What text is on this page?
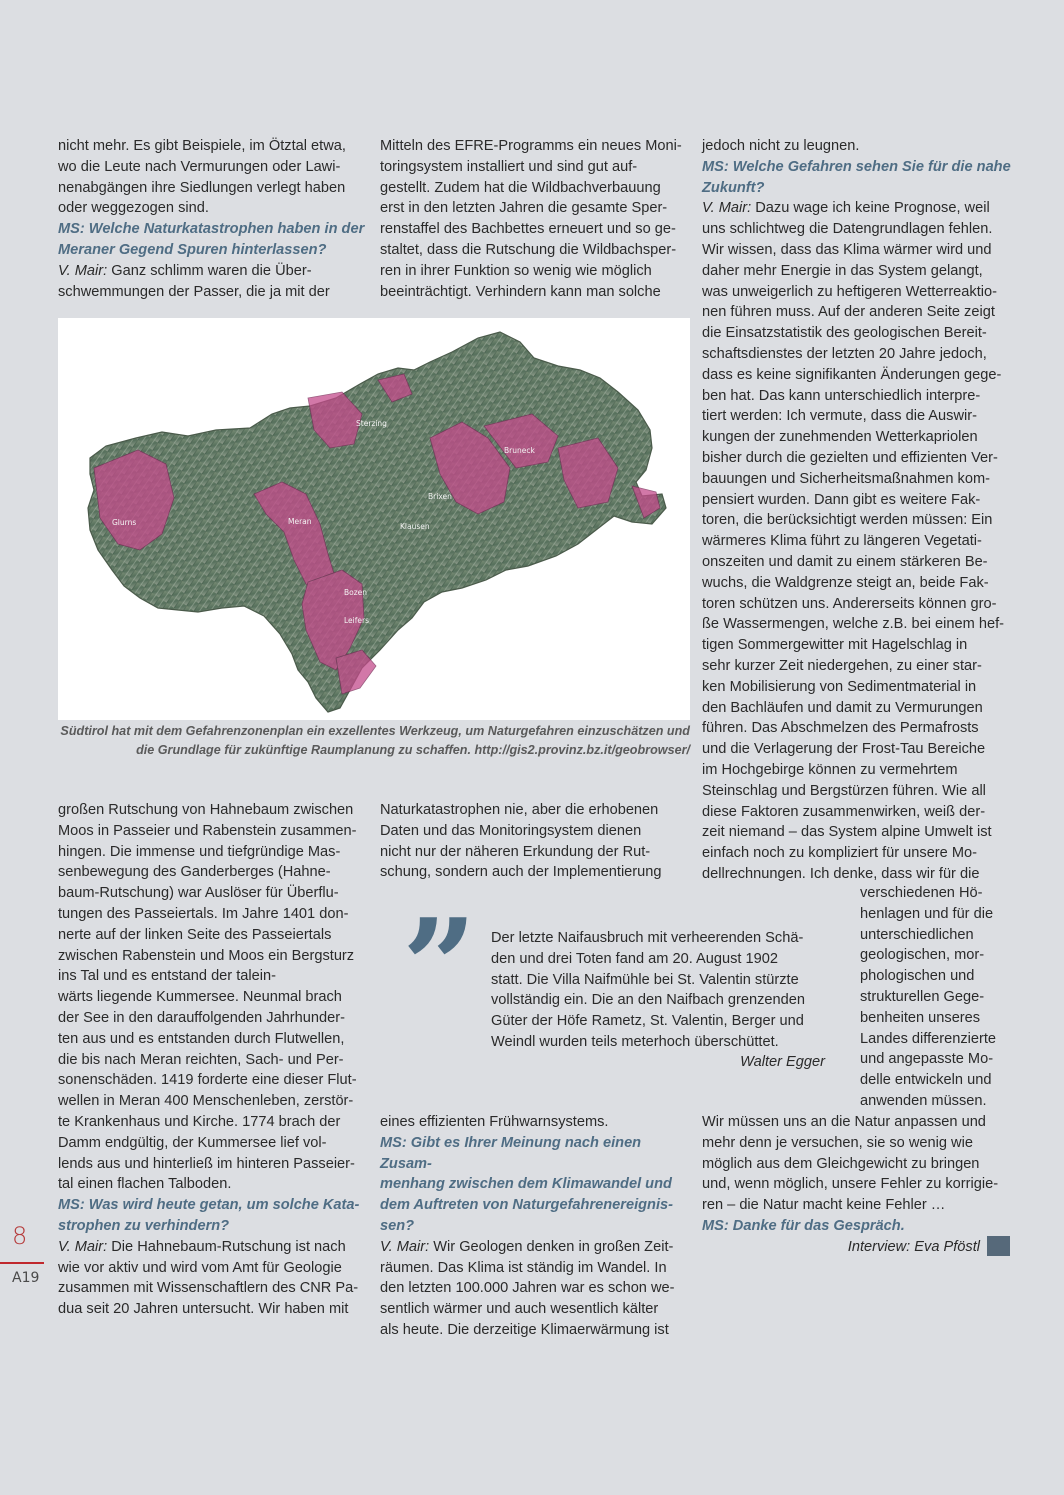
nicht mehr. Es gibt Beispiele, im Ötztal etwa,

wo die Leute nach Vermurungen oder Lawi-

nenabgängen ihre Siedlungen verlegt haben

oder weggezogen sind.

MS: Welche Naturkatastrophen haben in der

Meraner Gegend Spuren hinterlassen?

V. Mair: Ganz schlimm waren die Über-

schwemmungen der Passer, die ja mit der

Mitteln des EFRE-Programms ein neues Moni-

toringsystem installiert und sind gut auf-

gestellt. Zudem hat die Wildbachverbauung

erst in den letzten Jahren die gesamte Sper-

renstaffel des Bachbettes erneuert und so ge-

staltet, dass die Rutschung die Wildbachsper-

ren in ihrer Funktion so wenig wie möglich

beeinträchtigt. Verhindern kann man solche

jedoch nicht zu leugnen.

MS: Welche Gefahren sehen Sie für die nahe

Zukunft?

V. Mair: Dazu wage ich keine Prognose, weil

uns schlichtweg die Datengrundlagen fehlen.

Wir wissen, dass das Klima wärmer wird und

daher mehr Energie in das System gelangt,

was unweigerlich zu heftigeren Wetterreaktio-

nen führen muss. Auf der anderen Seite zeigt

die Einsatzstatistik des geologischen Bereit-

schaftsdienstes der letzten 20 Jahre jedoch,

dass es keine signifikanten Änderungen gege-

ben hat. Das kann unterschiedlich interpre-

tiert werden: Ich vermute, dass die Auswir-

kungen der zunehmenden Wetterkapriolen

bisher durch die gezielten und effizienten Ver-

bauungen und Sicherheitsmaßnahmen kom-

pensiert wurden. Dann gibt es weitere Fak-

toren, die berücksichtigt werden müssen: Ein

wärmeres Klima führt zu längeren Vegetati-

onszeiten und damit zu einem stärkeren Be-

wuchs, die Waldgrenze steigt an, beide Fak-

toren schützen uns. Andererseits können gro-

ße Wassermengen, welche z.B. bei einem hef-

tigen Sommergewitter mit Hagelschlag in

sehr kurzer Zeit niedergehen, zu einer star-

ken Mobilisierung von Sedimentmaterial in

den Bachläufen und damit zu Vermurungen

führen. Das Abschmelzen des Permafrosts

und die Verlagerung der Frost-Tau Bereiche

im Hochgebirge können zu vermehrtem

Steinschlag und Bergstürzen führen. Wie all

diese Faktoren zusammenwirken, weiß der-

zeit niemand – das System alpine Umwelt ist

einfach noch zu kompliziert für unsere Mo-

dellrechnungen. Ich denke, dass wir für die

verschiedenen Hö-

henlagen und für die

unterschiedlichen

geologischen, mor-

phologischen und

strukturellen Gege-

benheiten unseres

Landes differenzierte

und angepasste Mo-

delle entwickeln und

anwenden müssen.

Wir müssen uns an die Natur anpassen und

mehr denn je versuchen, sie so wenig wie

möglich aus dem Gleichgewicht zu bringen

und, wenn möglich, unsere Fehler zu korrigie-

ren – die Natur macht keine Fehler …

MS: Danke für das Gespräch.

Interview: Eva Pföstl

Sterzing
Bruneck
Brixen
Klausen
Glurns	Meran
Bozen
Leifers
Südtirol hat mit dem Gefahrenzonenplan ein exzellentes Werkzeug, um Naturgefahren einzuschätzen und
die Grundlage für zukünftige Raumplanung zu schaffen. http://gis2.provinz.bz.it/geobrowser/

großen Rutschung von Hahnebaum zwischen

Moos in Passeier und Rabenstein zusammen-

hingen. Die immense und tiefgründige Mas-

senbewegung des Ganderberges (Hahne-

baum-Rutschung) war Auslöser für Überflu-

tungen des Passeiertals. Im Jahre 1401 don-

nerte auf der linken Seite des Passeiertals

zwischen Rabenstein und Moos ein Bergsturz

ins Tal und es entstand der talein-

wärts liegende Kummersee. Neunmal brach

der See in den darauffolgenden Jahrhunder-

ten aus und es entstanden durch Flutwellen,

die bis nach Meran reichten, Sach- und Per-

sonenschäden. 1419 forderte eine dieser Flut-

wellen in Meran 400 Menschenleben, zerstör-

te Krankenhaus und Kirche. 1774 brach der

Damm endgültig, der Kummersee lief vol-

lends aus und hinterließ im hinteren Passeier-

tal einen flachen Talboden.

MS: Was wird heute getan, um solche Kata-

strophen zu verhindern?

V. Mair: Die Hahnebaum-Rutschung ist nach

wie vor aktiv und wird vom Amt für Geologie

zusammen mit Wissenschaftlern des CNR Pa-

dua seit 20 Jahren untersucht. Wir haben mit

Naturkatastrophen nie, aber die erhobenen

Daten und das Monitoringsystem dienen

nicht nur der näheren Erkundung der Rut-

schung, sondern auch der Implementierung

” Der letzte Naifausbruch mit verheerenden Schä-

den und drei Toten fand am 20. August 1902

statt. Die Villa Naifmühle bei St. Valentin stürzte

vollständig ein. Die an den Naifbach grenzenden

Güter der Höfe Rametz, St. Valentin, Berger und

Weindl wurden teils meterhoch überschüttet.

Walter Egger

eines effizienten Frühwarnsystems.

MS: Gibt es Ihrer Meinung nach einen Zusam-

menhang zwischen dem Klimawandel und

dem Auftreten von Naturgefahrenereignis-

sen?

V. Mair: Wir Geologen denken in großen Zeit-

räumen. Das Klima ist ständig im Wandel. In

den letzten 100.000 Jahren war es schon we-

sentlich wärmer und auch wesentlich kälter

als heute. Die derzeitige Klimaerwärmung ist

8
A19
